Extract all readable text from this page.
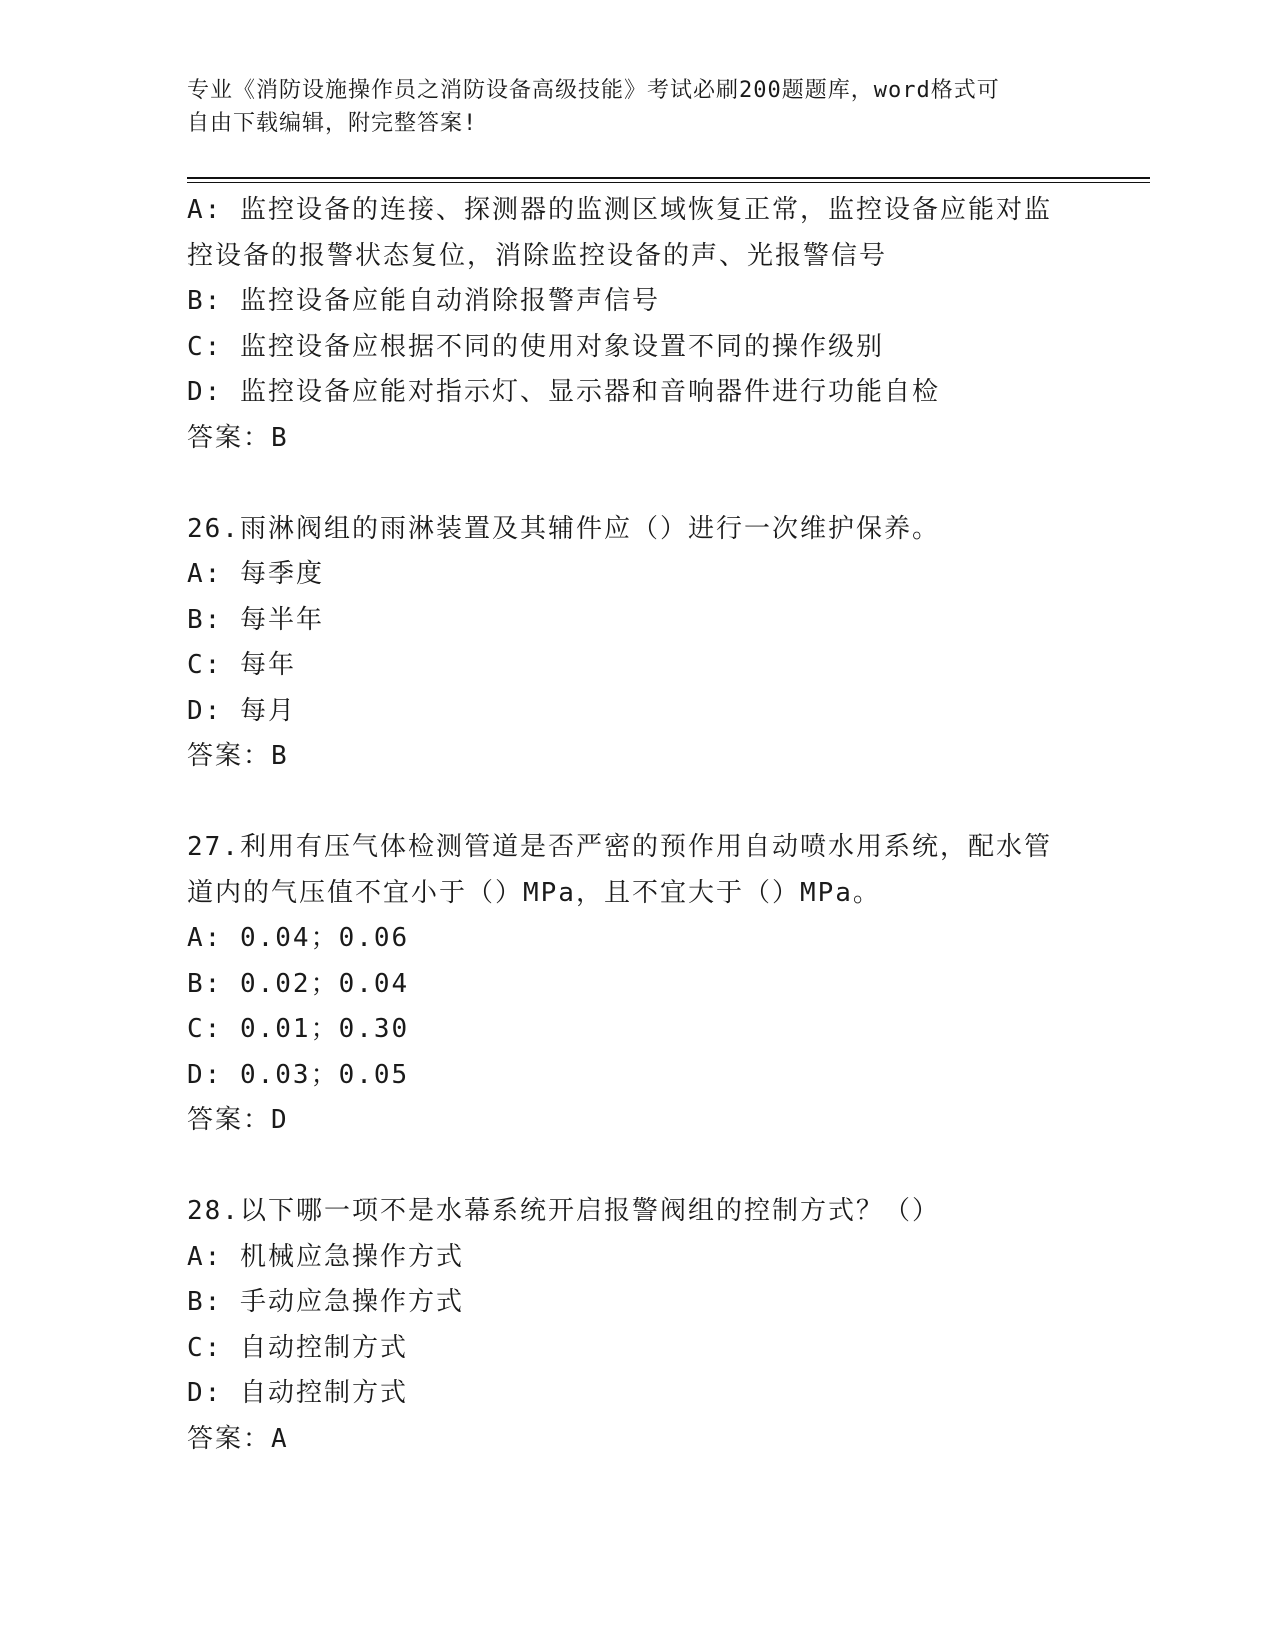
专业《消防设施操作员之消防设备高级技能》考试必刷200题题库，word格式可
自由下载编辑，附完整答案!
A: 监控设备的连接、探测器的监测区域恢复正常，监控设备应能对监
控设备的报警状态复位，消除监控设备的声、光报警信号
B: 监控设备应能自动消除报警声信号
C: 监控设备应根据不同的使用对象设置不同的操作级别
D: 监控设备应能对指示灯、显示器和音响器件进行功能自检
答案：B
26.雨淋阀组的雨淋装置及其辅件应（）进行一次维护保养。
A: 每季度
B: 每半年
C: 每年
D: 每月
答案：B
27.利用有压气体检测管道是否严密的预作用自动喷水用系统，配水管
道内的气压值不宜小于（）MPa，且不宜大于（）MPa。
A: 0.04；0.06
B: 0.02；0.04
C: 0.01；0.30
D: 0.03；0.05
答案：D
28.以下哪一项不是水幕系统开启报警阀组的控制方式？（）
A: 机械应急操作方式
B: 手动应急操作方式
C: 自动控制方式
D: 自动控制方式
答案：A
